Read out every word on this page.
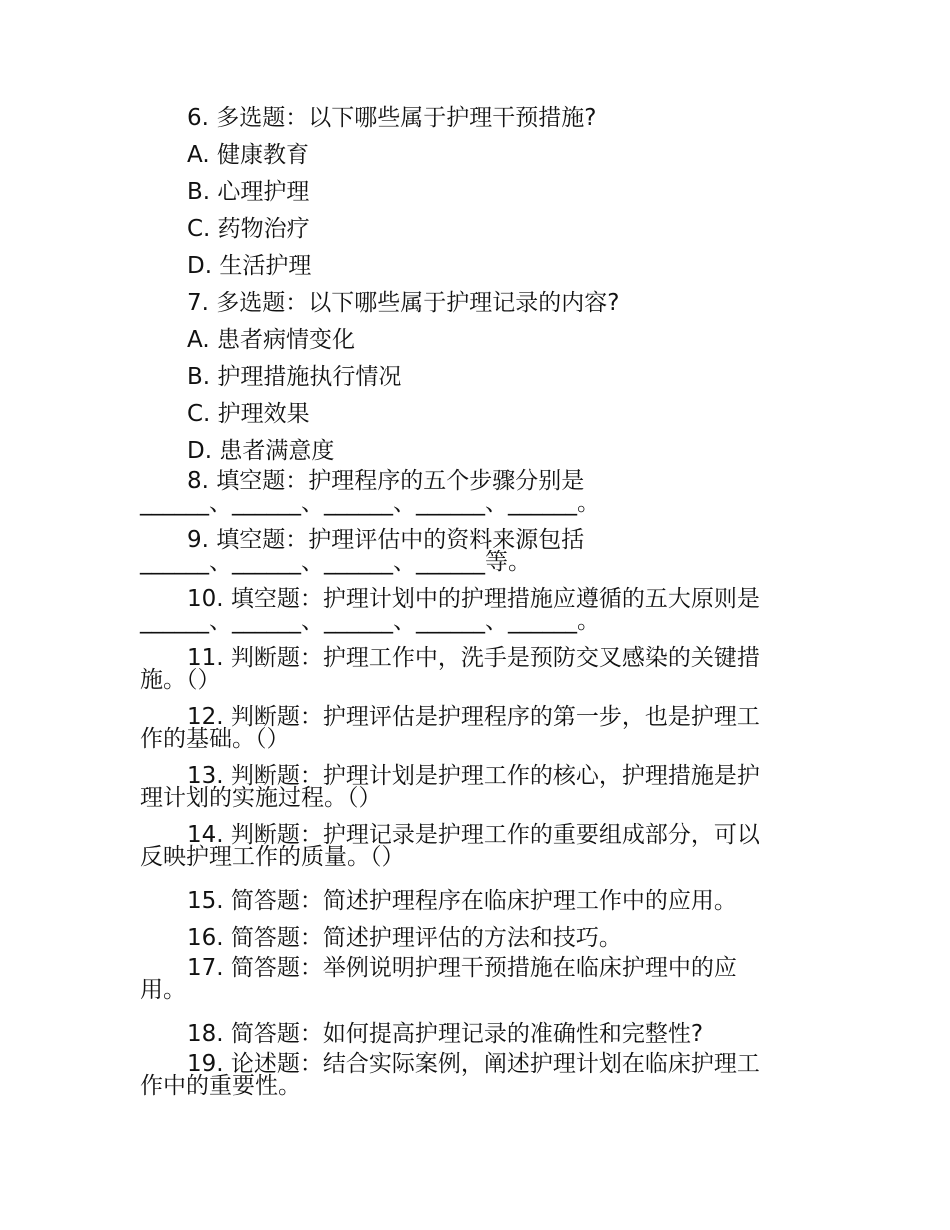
6. 多选题：以下哪些属于护理干预措施?
A. 健康教育
B. 心理护理
C. 药物治疗
D. 生活护理
7. 多选题：以下哪些属于护理记录的内容?
A. 患者病情变化
B. 护理措施执行情况
C. 护理效果
D. 患者满意度
8. 填空题：护理程序的五个步骤分别是
______、______、______、______、______。
9. 填空题：护理评估中的资料来源包括
______、______、______、______等。
10. 填空题：护理计划中的护理措施应遵循的五大原则是
______、______、______、______、______。
11. 判断题：护理工作中，洗手是预防交叉感染的关键措
施。（）
12. 判断题：护理评估是护理程序的第一步，也是护理工
作的基础。（）
13. 判断题：护理计划是护理工作的核心，护理措施是护
理计划的实施过程。（）
14. 判断题：护理记录是护理工作的重要组成部分，可以
反映护理工作的质量。（）
15. 简答题：简述护理程序在临床护理工作中的应用。
16. 简答题：简述护理评估的方法和技巧。
17. 简答题：举例说明护理干预措施在临床护理中的应
用。
18. 简答题：如何提高护理记录的准确性和完整性?
19. 论述题：结合实际案例，阐述护理计划在临床护理工
作中的重要性。
